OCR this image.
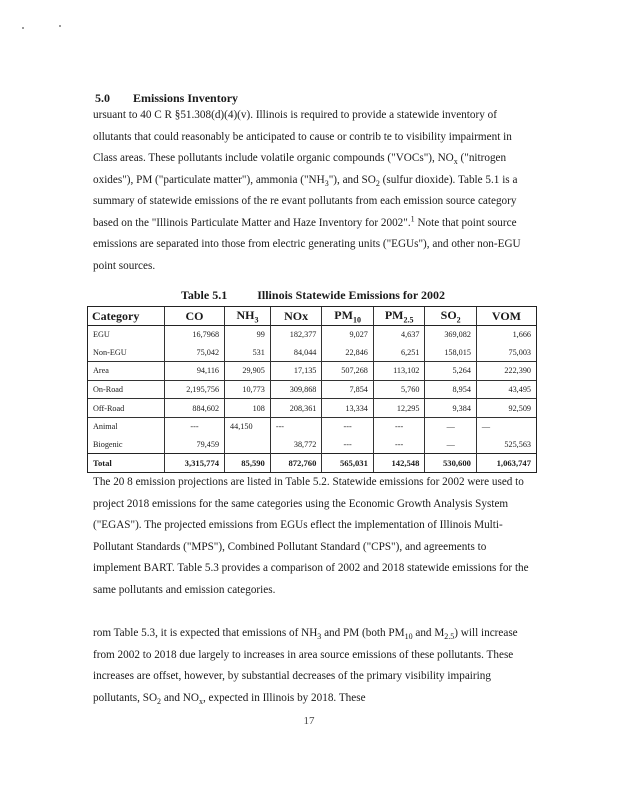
5.0 Emissions Inventory

ursuant to 40 C R §51.308(d)(4)(v). Illinois is required to provide a statewide inventory of ollutants that could reasonably be anticipated to cause or contrib te to visibility impairment in Class areas. These pollutants include volatile organic compounds ("VOCs"), $NO_x$ ("nitrogen oxides"), PM ("particulate matter"), ammonia $("NH_3")$, and $SO_2$ (sulfur dioxide). Table 5.1 is a summary of statewide emissions of the re evant pollutants from each emission source category based on the "Illinois Particulate Matter and Haze Inventory for 2002".$^1$ Note that point source emissions are separated into those from electric generating units ("EGUs"), and other non-EGU point sources.

Table 5.1	Illinois Statewide Emissions for 2002
Category	CO	$NH_3$	NOx	$PM_{10}$	$PM_{2.5}$	$SO_2$	VOM
EGU	16,7968	99	182,377	9,027	4,637	369,082	1,666
Non-EGU	75,042	531	84,044	22,846	6,251	158,015	75,003
Area	94,116	29,905	17,135	507,268	113,102	5,264	222,390
On-Road	2,195,756	10,773	309,868	7,854	5,760	8,954	43,495
Off-Road	884,602	108	208,361	13,334	12,295	9,384	92,509
Animal	---	44,150	---	---	---	—	—
Biogenic	79,459		38,772	---	---	—	525,563
Total	3,315,774	85,590	872,760	565,031	142,548	530,600	1,063,747

The 20 8 emission projections are listed in Table 5.2. Statewide emissions for 2002 were used to project 2018 emissions for the same categories using the Economic Growth Analysis System ("EGAS"). The projected emissions from EGUs eflect the implementation of Illinois Multi-Pollutant Standards ("MPS"), Combined Pollutant Standard ("CPS"), and agreements to implement BART. Table 5.3 provides a comparison of 2002 and 2018 statewide emissions for the same pollutants and emission categories.

rom Table 5.3, it is expected that emissions of $NH_3$ and PM (both $PM_{10}$ and $M_{2.5}$) will increase from 2002 to 2018 due largely to increases in area source emissions of these pollutants. These increases are offset, however, by substantial decreases of the primary visibility impairing pollutants, $SO_2$ and $NO_x$, expected in Illinois by 2018. These

17
